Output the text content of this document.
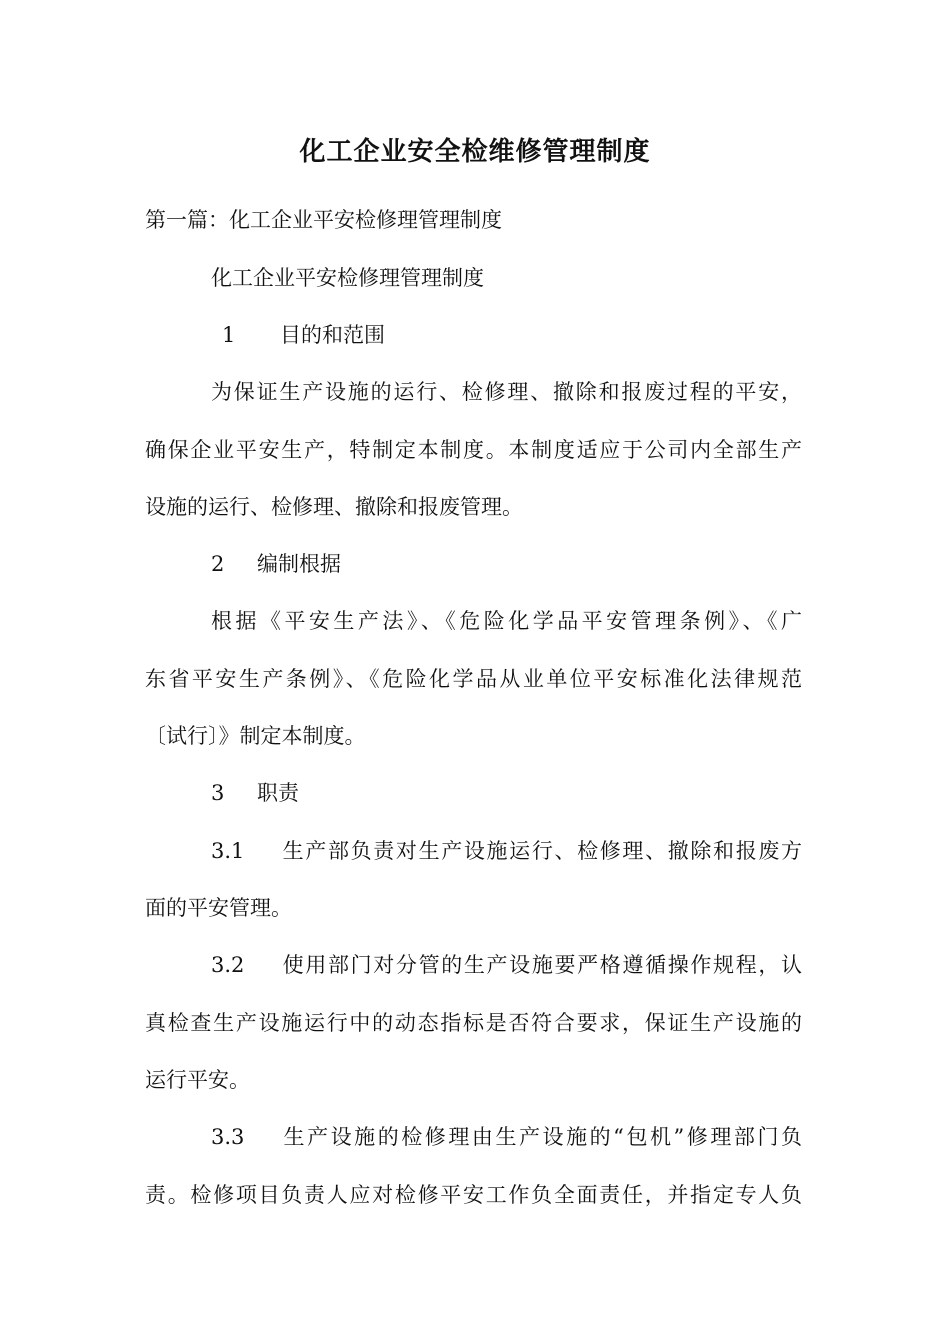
化工企业安全检维修管理制度
第一篇：化工企业平安检修理管理制度
化工企业平安检修理管理制度
1 目的和范围
为保证生产设施的运行、检修理、撤除和报废过程的平安，
确保企业平安生产，特制定本制度。本制度适应于公司内全部生产
设施的运行、检修理、撤除和报废管理。
2 编制根据
根据《平安生产法》、《危险化学品平安管理条例》、《广
东省平安生产条例》、《危险化学品从业单位平安标准化法律规范
〔试行〕》制定本制度。
3 职责
3.1 生产部负责对生产设施运行、检修理、撤除和报废方
面的平安管理。
3.2 使用部门对分管的生产设施要严格遵循操作规程，认
真检查生产设施运行中的动态指标是否符合要求，保证生产设施的
运行平安。
3.3 生产设施的检修理由生产设施的“包机”修理部门负
责。检修项目负责人应对检修平安工作负全面责任，并指定专人负
